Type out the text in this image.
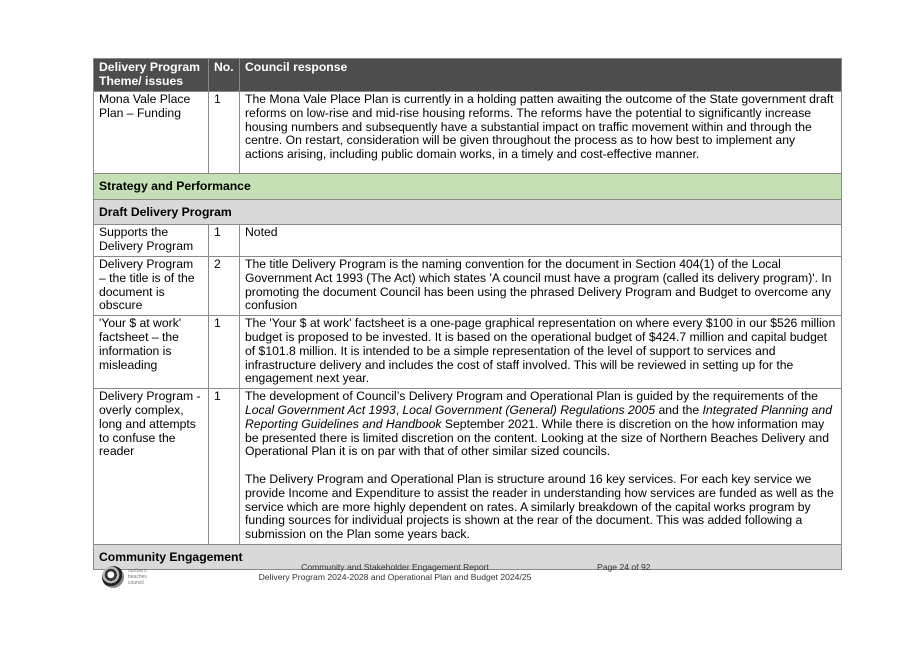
Delivery Program Theme/ issues	No.	Council response
Mona Vale Place Plan – Funding	1	The Mona Vale Place Plan is currently in a holding patten awaiting the outcome of the State government draft reforms on low-rise and mid-rise housing reforms. The reforms have the potential to significantly increase housing numbers and subsequently have a substantial impact on traffic movement within and through the centre. On restart, consideration will be given throughout the process as to how best to implement any actions arising, including public domain works, in a timely and cost-effective manner.
Strategy and Performance		
Draft Delivery Program		
Supports the Delivery Program	1	Noted
Delivery Program – the title is of the document is obscure	2	The title Delivery Program is the naming convention for the document in Section 404(1) of the Local Government Act 1993 (The Act) which states 'A council must have a program (called its delivery program)'. In promoting the document Council has been using the phrased Delivery Program and Budget to overcome any confusion
'Your $ at work' factsheet – the information is misleading	1	The 'Your $ at work' factsheet is a one-page graphical representation on where every $100 in our $526 million budget is proposed to be invested. It is based on the operational budget of $424.7 million and capital budget of $101.8 million. It is intended to be a simple representation of the level of support to services and infrastructure delivery and includes the cost of staff involved. This will be reviewed in setting up for the engagement next year.
Delivery Program - overly complex, long and attempts to confuse the reader	1	The development of Council’s Delivery Program and Operational Plan is guided by the requirements of the Local Government Act 1993, Local Government (General) Regulations 2005 and the Integrated Planning and Reporting Guidelines and Handbook September 2021. While there is discretion on the how information may be presented there is limited discretion on the content. Looking at the size of Northern Beaches Delivery and Operational Plan it is on par with that of other similar sized councils.

The Delivery Program and Operational Plan is structure around 16 key services. For each key service we provide Income and Expenditure to assist the reader in understanding how services are funded as well as the service which are more highly dependent on rates. A similarly breakdown of the capital works program by funding sources for individual projects is shown at the rear of the document. This was added following a submission on the Plan some years back.

Community Engagement		
northern
beaches
council
Community and Stakeholder Engagement Report
Delivery Program 2024-2028 and Operational Plan and Budget 2024/25
Page 24 of 92
